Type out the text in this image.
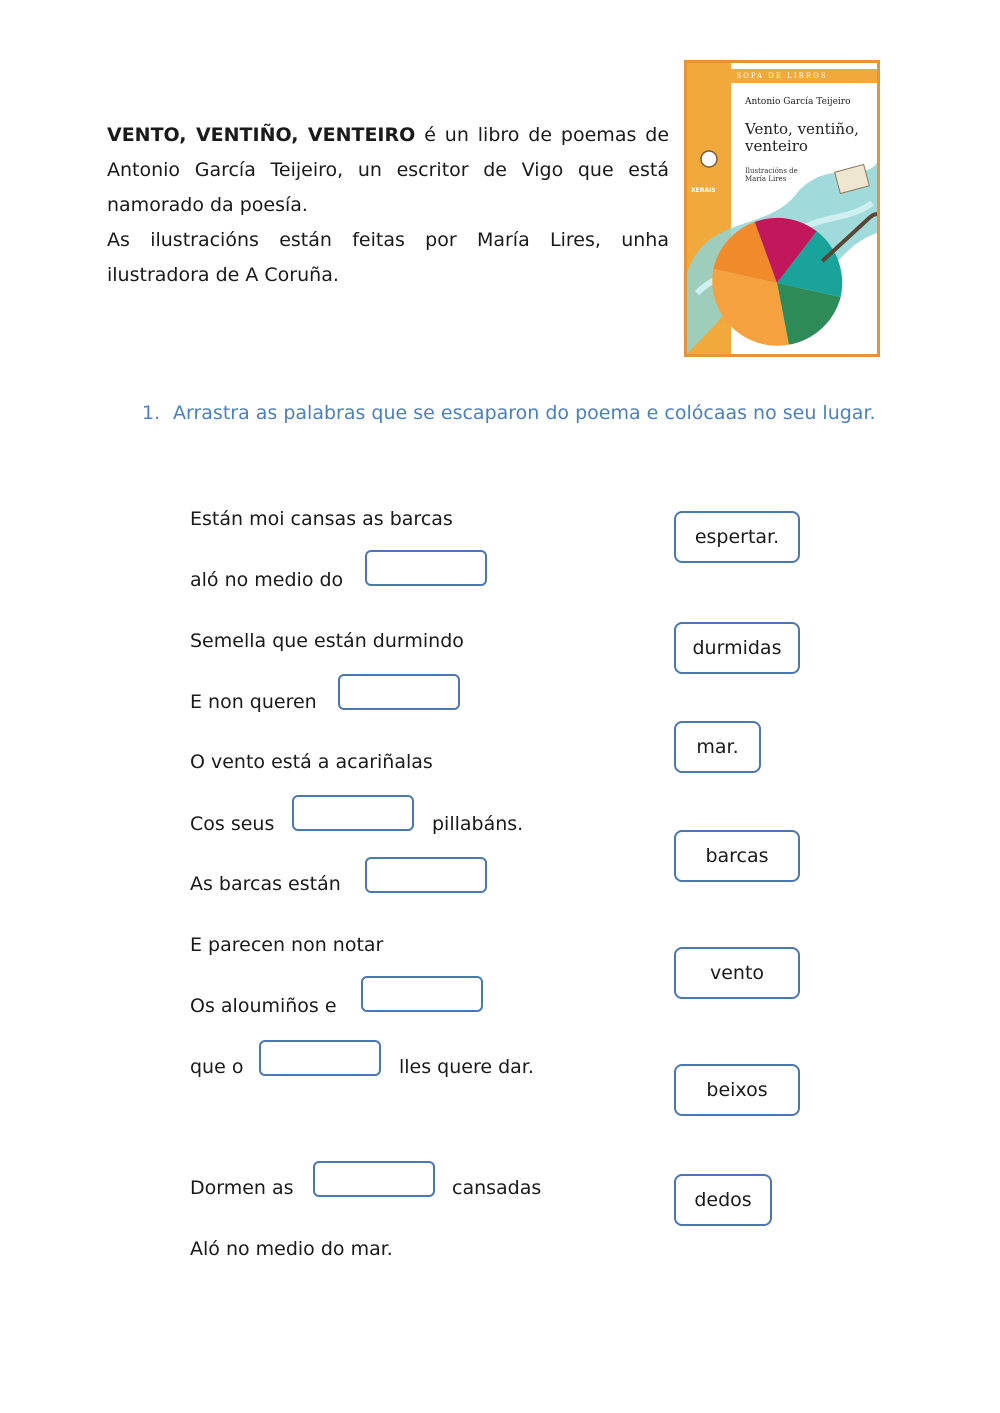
VENTO, VENTIÑO, VENTEIRO é un libro de poemas de Antonio García Teijeiro, un escritor de Vigo que está namorado da poesía.

As ilustracións están feitas por María Lires, unha ilustradora de A Coruña.

SOPA DE LIBROS
Antonio García Teijeiro
Vento, ventiño, venteiro
Ilustracións de María Lires
XERAIS
1. Arrastra as palabras que se escaparon do poema e colócaas no seu lugar.
Están moi cansas as barcas
aló no medio do
Semella que están durmindo
E non queren
O vento está a acariñalas
Cos seus	pillabáns.
As barcas están
E parecen non notar
Os aloumiños e
que o	lles quere dar.
Dormen as	cansadas
Aló no medio do mar.
espertar.
durmidas
mar.
barcas
vento
beixos
dedos
